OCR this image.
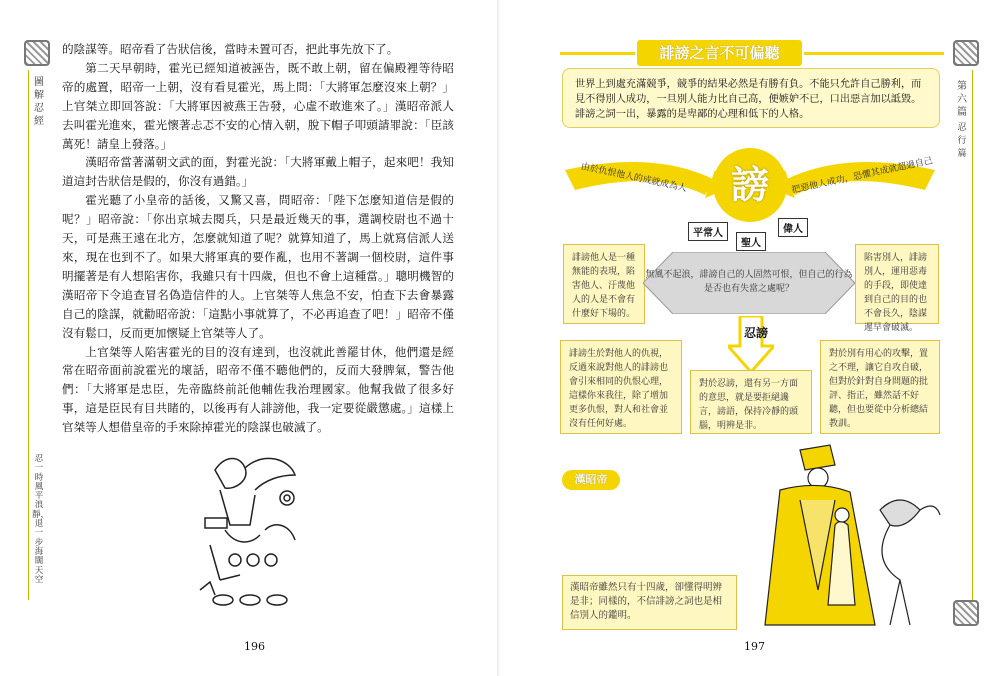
圖解忍經
忍一時風平浪靜，退一步海闊天空

的陰謀等。昭帝看了告狀信後，當時未置可否，把此事先放下了。

第二天早朝時，霍光已經知道被誣告，既不敢上朝，留在偏殿裡等待昭帝的處置，昭帝一上朝，沒有看見霍光，馬上問：「大將軍怎麼沒來上朝？」上官桀立即回答說：「大將軍因被燕王告發，心虛不敢進來了。」漢昭帝派人去叫霍光進來，霍光懷著忐忑不安的心情入朝，脫下帽子叩頭請罪說：「臣該萬死！請皇上發落。」

漢昭帝當著滿朝文武的面，對霍光說：「大將軍戴上帽子，起來吧！我知道這封告狀信是假的，你沒有過錯。」

霍光聽了小皇帝的話後，又驚又喜，問昭帝：「陛下怎麼知道信是假的呢？」昭帝說：「你出京城去閱兵，只是最近幾天的事，選調校尉也不過十天，可是燕王遠在北方，怎麼就知道了呢？就算知道了，馬上就寫信派人送來，現在也到不了。如果大將軍真的要作亂，也用不著調一個校尉，這件事明擺著是有人想陷害你，我雖只有十四歲，但也不會上這種當。」聰明機智的漢昭帝下令追查冒名偽造信件的人。上官桀等人焦急不安，怕查下去會暴露自己的陰謀，就勸昭帝說：「這點小事就算了，不必再追查了吧！」昭帝不僅沒有鬆口，反而更加懷疑上官桀等人了。

上官桀等人陷害霍光的目的沒有達到，也沒就此善罷甘休，他們還是經常在昭帝面前說霍光的壞話，昭帝不僅不聽他們的，反而大發脾氣，警告他們：「大將軍是忠臣，先帝臨終前託他輔佐我治理國家。他幫我做了很多好事，這是臣民有目共睹的，以後再有人誹謗他，我一定要從嚴懲處。」這樣上官桀等人想借皇帝的手來除掉霍光的陰謀也破滅了。

196
第六篇
忍行篇
誹謗之言不可偏聽
世界上到處充滿競爭，競爭的結果必然是有勝有負。不能只允許自己勝利，而見不得別人成功，一旦別人能力比自己高，便嫉妒不已，口出惡言加以詆毀。誹謗之詞一出，暴露的是卑鄙的心理和低下的人格。
由於仇恨他人的成就成為人	把惡他人成功，恐懼其成就超過自己
謗
平常人	偉人
聖人
誹謗他人是一種無能的表現，陷害他人、汙蔑他人的人是不會有什麼好下場的。
陷害別人，誹謗別人，運用惡毒的手段，即使達到自己的目的也不會長久，陰謀遲早會破滅。
無風不起浪，誹謗自己的人固然可恨，但自己的行為是否也有失當之處呢？
忍謗
誹謗生於對他人的仇視，反過來說對他人的誹謗也會引來相同的仇恨心理，這樣你來我往，除了增加更多仇恨，對人和社會並沒有任何好處。
對於忍謗，還有另一方面的意思，就是要拒絕讒言，謗語，保持冷靜的頭腦，明辨是非。
對於別有用心的攻擊，置之不理，讓它自攻自破，但對於針對自身問題的批評、指正，雖然話不好聽，但也要從中分析總結教訓。
漢昭帝
漢昭帝雖然只有十四歲，卻懂得明辨是非；同樣的，不信誹謗之詞也是相信別人的鑑明。
197
